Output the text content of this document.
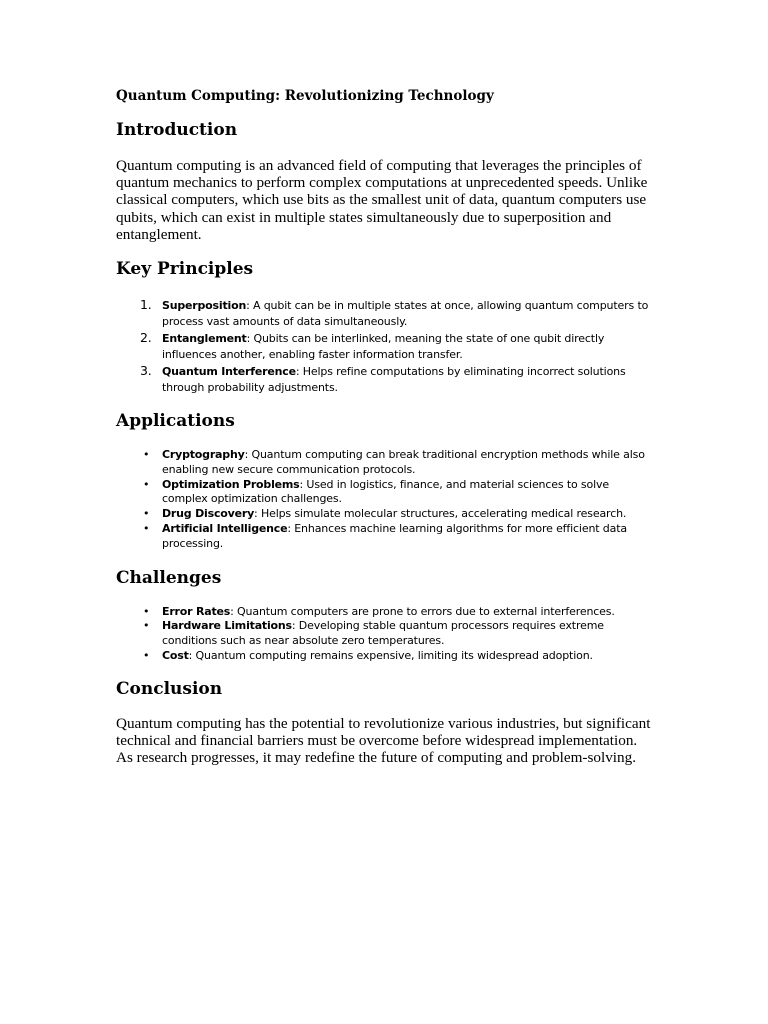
Quantum Computing: Revolutionizing Technology

Introduction

Quantum computing is an advanced field of computing that leverages the principles of quantum mechanics to perform complex computations at unprecedented speeds. Unlike classical computers, which use bits as the smallest unit of data, quantum computers use qubits, which can exist in multiple states simultaneously due to superposition and entanglement.

Key Principles
1. Superposition: A qubit can be in multiple states at once, allowing quantum computers to process vast amounts of data simultaneously.
2. Entanglement: Qubits can be interlinked, meaning the state of one qubit directly influences another, enabling faster information transfer.
3. Quantum Interference: Helps refine computations by eliminating incorrect solutions through probability adjustments.
Applications
• Cryptography: Quantum computing can break traditional encryption methods while also enabling new secure communication protocols.
• Optimization Problems: Used in logistics, finance, and material sciences to solve complex optimization challenges.
• Drug Discovery: Helps simulate molecular structures, accelerating medical research.
• Artificial Intelligence: Enhances machine learning algorithms for more efficient data processing.
Challenges
• Error Rates: Quantum computers are prone to errors due to external interferences.
• Hardware Limitations: Developing stable quantum processors requires extreme conditions such as near absolute zero temperatures.
• Cost: Quantum computing remains expensive, limiting its widespread adoption.
Conclusion

Quantum computing has the potential to revolutionize various industries, but significant technical and financial barriers must be overcome before widespread implementation. As research progresses, it may redefine the future of computing and problem-solving.
